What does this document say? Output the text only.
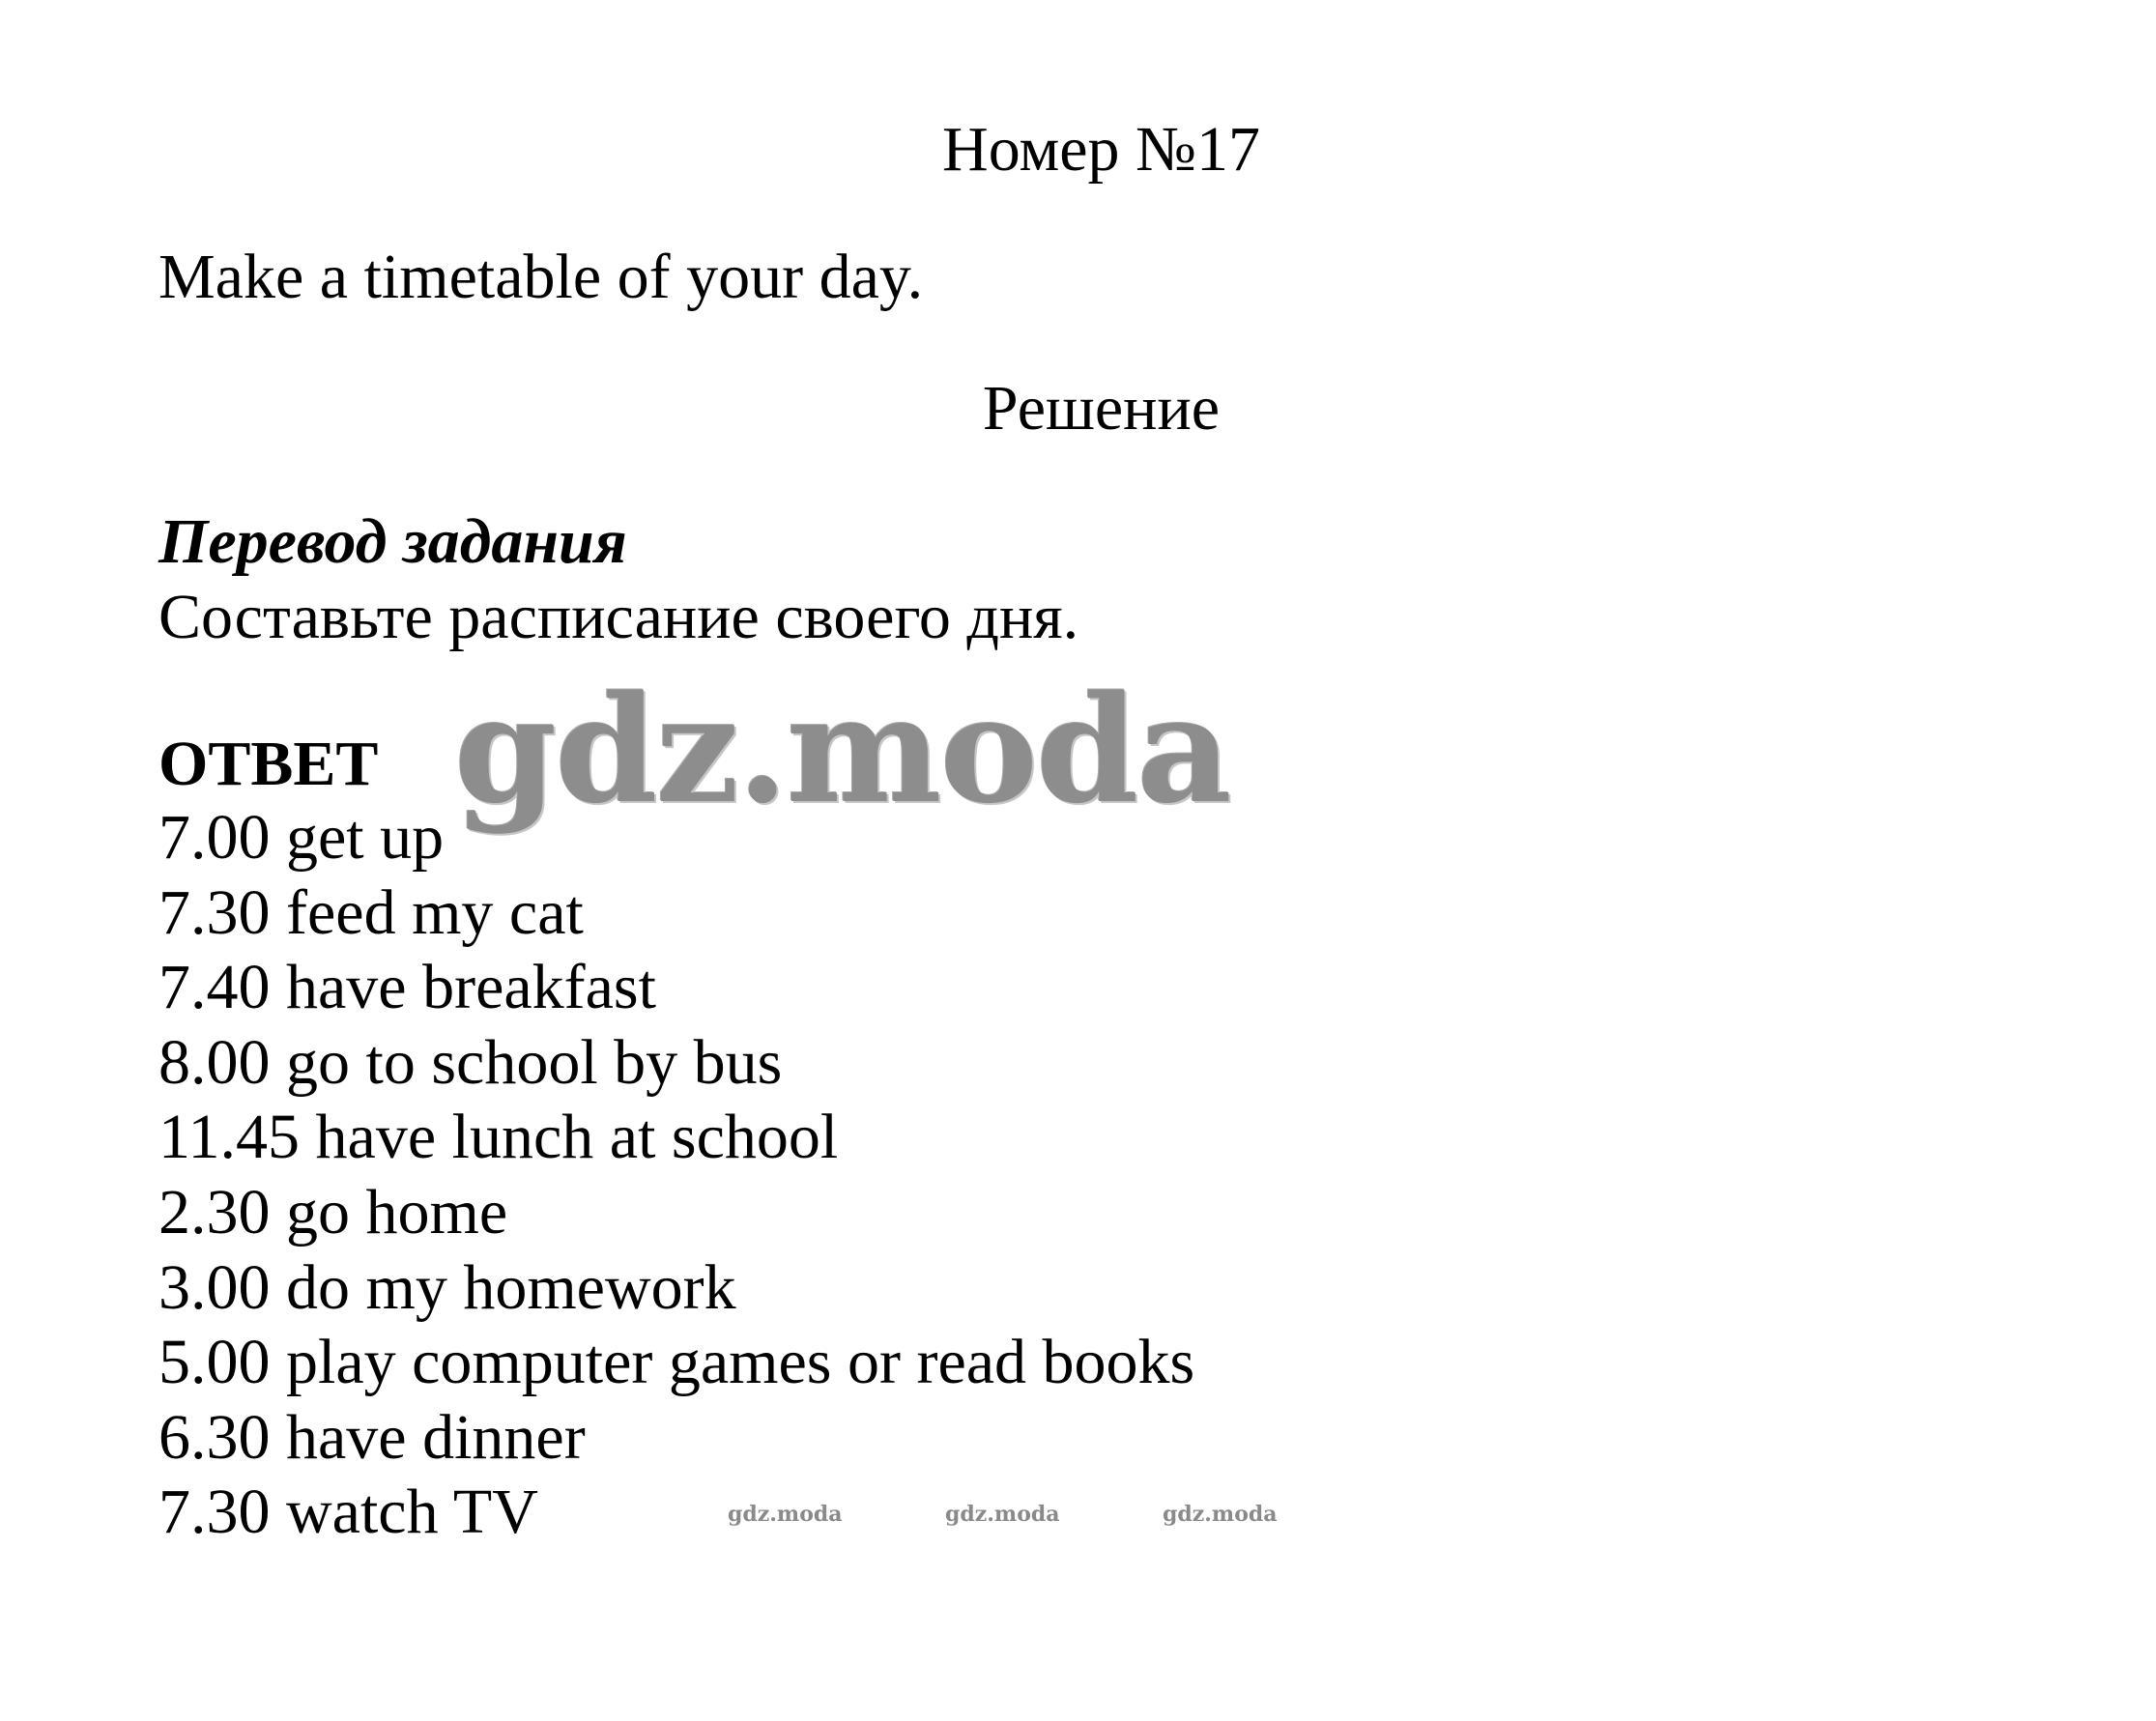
Номер №17
Make a timetable of your day.
Решение
Перевод задания
Составьте расписание своего дня.
ОТВЕТ
7.00 get up
7.30 feed my cat
7.40 have breakfast
8.00 go to school by bus
11.45 have lunch at school
2.30 go home
3.00 do my homework
5.00 play computer games or read books
6.30 have dinner
7.30 watch TV
gdz.moda
gdz.moda	gdz.moda	gdz.moda
